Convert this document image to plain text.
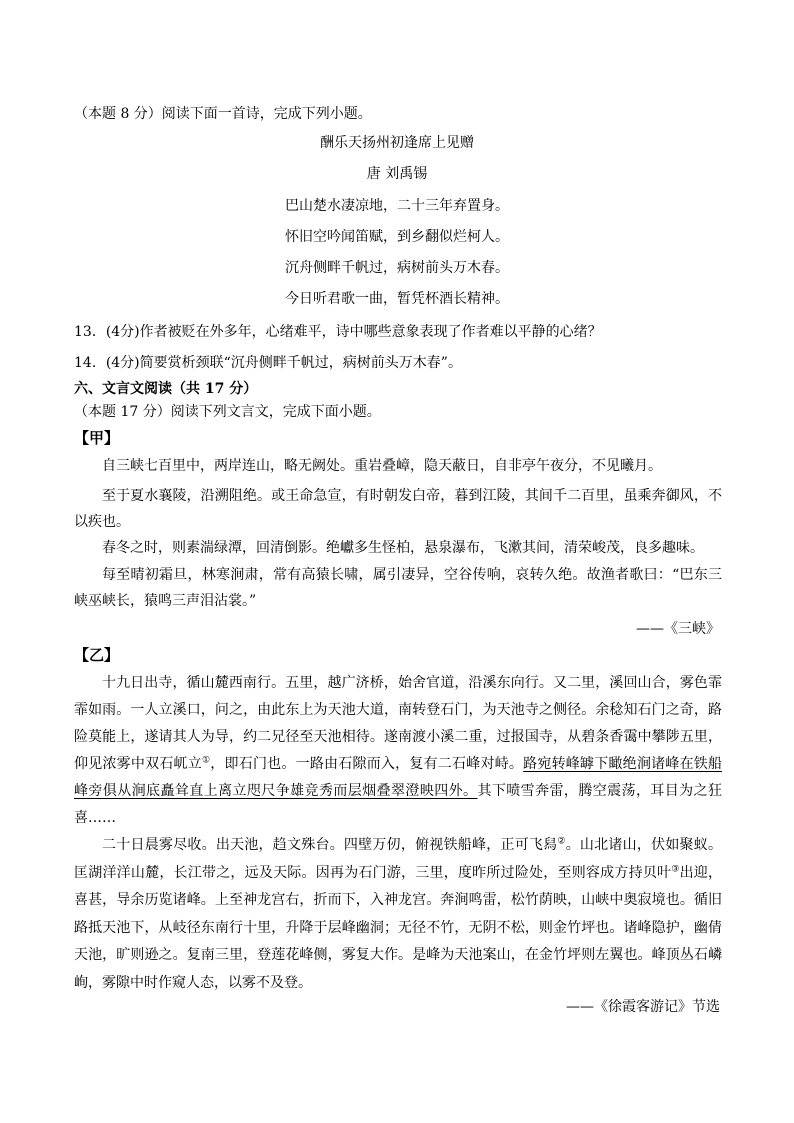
（本题 8 分）阅读下面一首诗，完成下列小题。
酬乐天扬州初逢席上见赠
唐 刘禹锡
巴山楚水凄凉地，二十三年弃置身。
怀旧空吟闻笛赋，到乡翻似烂柯人。
沉舟侧畔千帆过，病树前头万木春。
今日听君歌一曲，暂凭杯酒长精神。
13．(4分)作者被贬在外多年，心绪难平，诗中哪些意象表现了作者难以平静的心绪？
14．(4分)简要赏析颈联“沉舟侧畔千帆过，病树前头万木春”。
六、文言文阅读（共 17 分）
（本题 17 分）阅读下列文言文，完成下面小题。
【甲】
自三峡七百里中，两岸连山，略无阙处。重岩叠嶂，隐天蔽日，自非亭午夜分，不见曦月。
至于夏水襄陵，沿溯阻绝。或王命急宣，有时朝发白帝，暮到江陵，其间千二百里，虽乘奔御风，不以疾也。
春冬之时，则素湍绿潭，回清倒影。绝巘多生怪柏，悬泉瀑布，飞漱其间，清荣峻茂，良多趣味。
每至晴初霜旦，林寒涧肃，常有高猿长啸，属引凄异，空谷传响，哀转久绝。故渔者歌曰：“巴东三峡巫峡长，猿鸣三声泪沾裳。”
——《三峡》
【乙】
十九日出寺，循山麓西南行。五里，越广济桥，始舍官道，沿溪东向行。又二里，溪回山合，雾色霏霏如雨。一人立溪口，问之，由此东上为天池大道，南转登石门，为天池寺之侧径。余稔知石门之奇，路险莫能上，遂请其人为导，约二兄径至天池相待。遂南渡小溪二重，过报国寺，从碧条香霭中攀陟五里，仰见浓雾中双石屼立①，即石门也。一路由石隙而入，复有二石峰对峙。路宛转峰罅下瞰绝涧诸峰在铁船峰旁俱从涧底矗耸直上离立咫尺争雄竞秀而层烟叠翠澄映四外。其下喷雪奔雷，腾空震荡，耳目为之狂喜……
二十日晨雾尽收。出天池，趋文殊台。四壁万仞，俯视铁船峰，正可飞舄②。山北诸山，伏如聚蚁。匡湖洋洋山麓，长江带之，远及天际。因再为石门游，三里，度昨所过险处，至则容成方持贝叶③出迎，喜甚，导余历览诸峰。上至神龙宫右，折而下，入神龙宫。奔涧鸣雷，松竹荫映，山峡中奥寂境也。循旧路抵天池下，从岐径东南行十里，升降于层峰幽洞；无径不竹，无阴不松，则金竹坪也。诸峰隐护，幽倩天池，旷则逊之。复南三里，登莲花峰侧，雾复大作。是峰为天池案山，在金竹坪则左翼也。峰顶丛石嶙峋，雾隙中时作窥人态，以雾不及登。
——《徐霞客游记》节选
